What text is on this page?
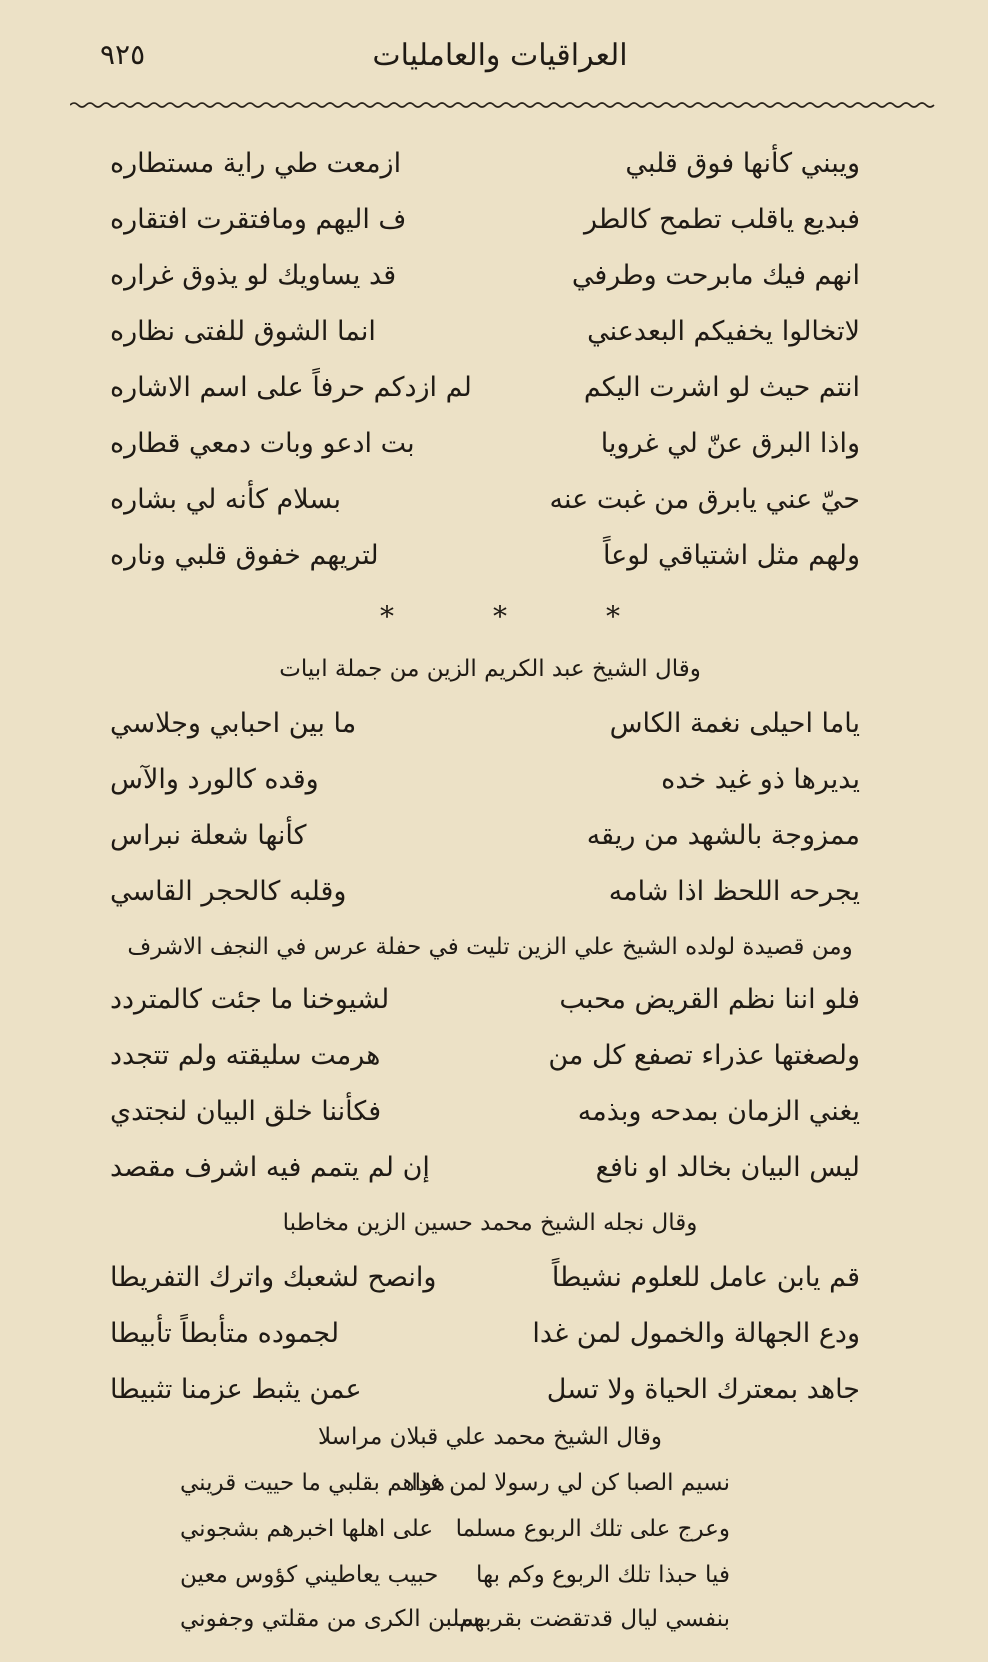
العراقيات والعامليات
٩٢٥
ويبني كأنها فوق قلبي
ازمعت طي راية مستطاره
فبديع ياقلب تطمح كالطر
ف اليهم ومافتقرت افتقاره
انهم فيك مابرحت وطرفي
قد يساويك لو يذوق غراره
لاتخالوا يخفيكم البعدعني
انما الشوق للفتى نظاره
انتم حيث لو اشرت اليكم
لم ازدكم حرفاً على اسم الاشاره
واذا البرق عنّ لي غرويا
بت ادعو وبات دمعي قطاره
حيّ عني يابرق من غبت عنه
بسلام كأنه لي بشاره
ولهم مثل اشتياقي لوعاً
لتريهم خفوق قلبي وناره
*	*	*
وقال الشيخ عبد الكريم الزين من جملة ابيات
ياما احيلى نغمة الكاس
ما بين احبابي وجلاسي
يديرها ذو غيد خده
وقده كالورد والآس
ممزوجة بالشهد من ريقه
كأنها شعلة نبراس
يجرحه اللحظ اذا شامه
وقلبه كالحجر القاسي
ومن قصيدة لولده الشيخ علي الزين تليت في حفلة عرس في النجف الاشرف
فلو اننا نظم القريض محبب
لشيوخنا ما جئت كالمتردد
ولصغتها عذراء تصفع كل من
هرمت سليقته ولم تتجدد
يغني الزمان بمدحه وبذمه
فكأننا خلق البيان لنجتدي
ليس البيان بخالد او نافع
إن لم يتمم فيه اشرف مقصد
وقال نجله الشيخ محمد حسين الزين مخاطبا
قم يابن عامل للعلوم نشيطاً
وانصح لشعبك واترك التفريطا
ودع الجهالة والخمول لمن غدا
لجموده متأبطاً تأبيطا
جاهد بمعترك الحياة ولا تسل
عمن يثبط عزمنا تثبيطا
وقال الشيخ محمد علي قبلان مراسلا
نسيم الصبا كن لي رسولا لمن غدا
هواهم بقلبي ما حييت قريني
وعرج على تلك الربوع مسلما
على اهلها اخبرهم بشجوني
فيا حبذا تلك الربوع وكم بها
حبيب يعاطيني كؤوس معين
بنفسي ليال قدتقضت بقربهم
سلبن الكرى من مقلتي وجفوني
